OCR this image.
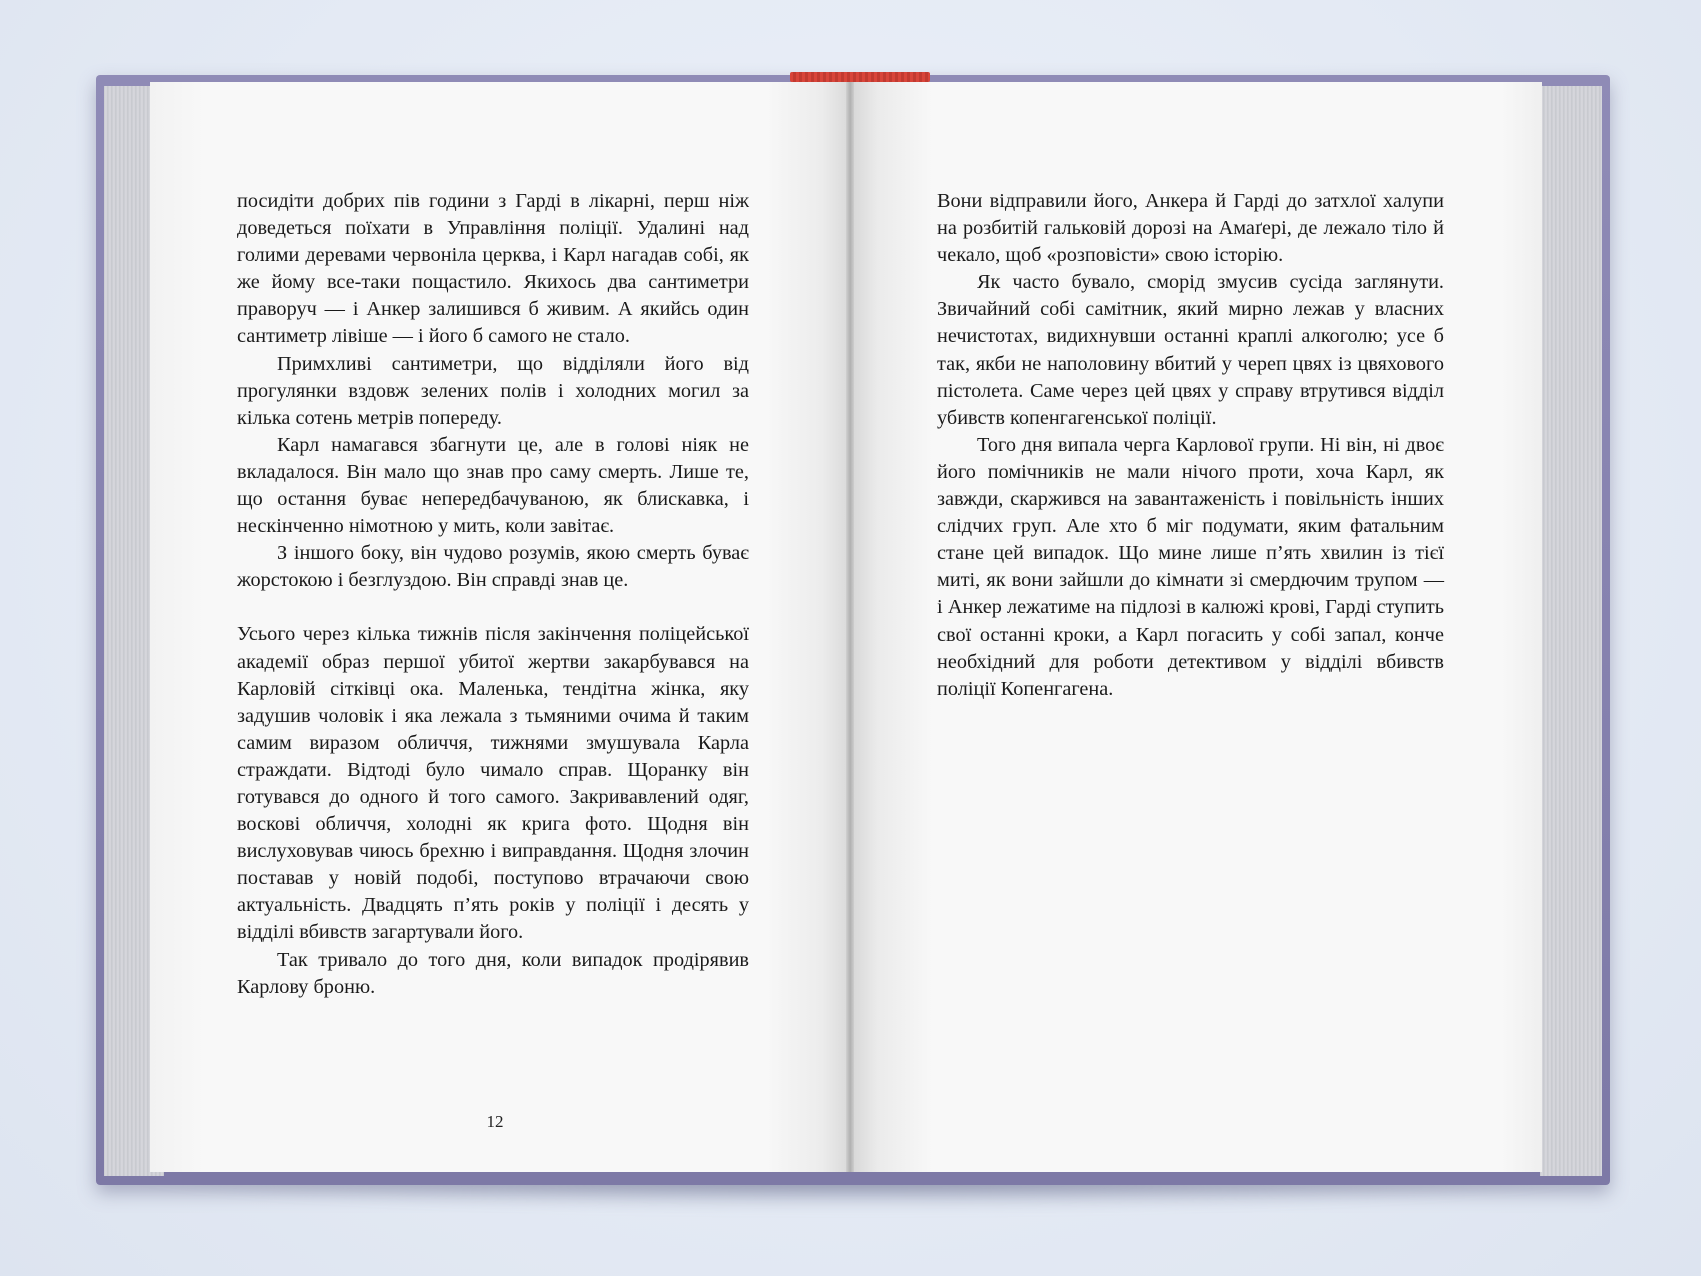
посидіти добрих пів години з Гарді в лікарні, перш ніж доведеться поїхати в Управління поліції. Удалині над голими деревами червоніла церква, і Карл нагадав собі, як же йому все-таки пощастило. Якихось два сантиметри праворуч — і Анкер залишився б живим. А якийсь один сантиметр лівіше — і його б самого не стало.

Примхливі сантиметри, що відділяли його від прогулянки вздовж зелених полів і холодних могил за кілька сотень метрів попереду.

Карл намагався збагнути це, але в голові ніяк не вкладалося. Він мало що знав про саму смерть. Лише те, що остання буває непередбачуваною, як блискавка, і нескінченно німотною у мить, коли завітає.

З іншого боку, він чудово розумів, якою смерть буває жорстокою і безглуздою. Він справді знав це.

Усього через кілька тижнів після закінчення поліцейської академії образ першої убитої жертви закарбувався на Карловій сітківці ока. Маленька, тендітна жінка, яку задушив чоловік і яка лежала з тьмяними очима й таким самим виразом обличчя, тижнями змушувала Карла страждати. Відтоді було чимало справ. Щоранку він готувався до одного й того самого. Закривавлений одяг, воскові обличчя, холодні як крига фото. Щодня він вислуховував чиюсь брехню і виправдання. Щодня злочин поставав у новій подобі, поступово втрачаючи свою актуальність. Двадцять п’ять років у поліції і десять у відділі вбивств загартували його.

Так тривало до того дня, коли випадок продірявив Карлову броню.

12

Вони відправили його, Анкера й Гарді до затхлої халупи на розбитій гальковій дорозі на Амаґері, де лежало тіло й чекало, щоб «розповісти» свою історію.

Як часто бувало, сморід змусив сусіда заглянути. Звичайний собі самітник, який мирно лежав у власних нечистотах, видихнувши останні краплі алкоголю; усе б так, якби не наполовину вбитий у череп цвях із цвяхового пістолета. Саме через цей цвях у справу втрутився відділ убивств копенгагенської поліції.

Того дня випала черга Карлової групи. Ні він, ні двоє його помічників не мали нічого проти, хоча Карл, як завжди, скаржився на завантаженість і повільність інших слідчих груп. Але хто б міг подумати, яким фатальним стане цей випадок. Що мине лише п’ять хвилин із тієї миті, як вони зайшли до кімнати зі смердючим трупом — і Анкер лежатиме на підлозі в калюжі крові, Гарді ступить свої останні кроки, а Карл погасить у собі запал, конче необхідний для роботи детективом у відділі вбивств поліції Копенгагена.
